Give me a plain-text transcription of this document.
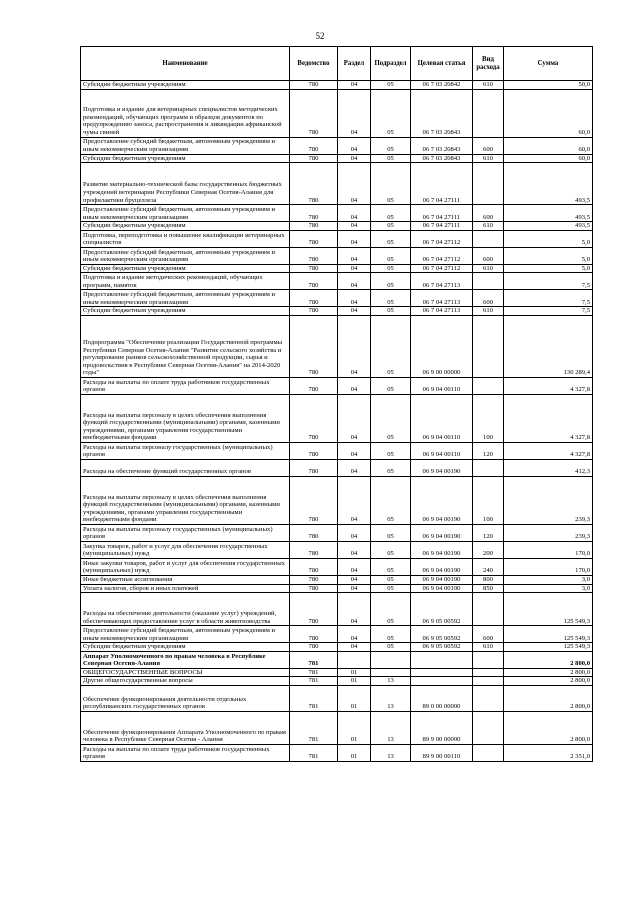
52
Наименование	Ведомство	Раздел	Подраздел	Целевая статья	Вид расхода	Сумма
Субсидии бюджетным учреждениям	780	04	05	06 7 03 20842	610	50,0
Подготовка и издание для ветеринарных специалистов методических рекомендаций, обучающих программ и образцов документов по предупреждению заноса, распространения и ликвидации африканской чумы свиней	780	04	05	06 7 03 20843		60,0
Предоставление субсидий бюджетным, автономным учреждениям и иным некоммерческим организациям	780	04	05	06 7 03 20843	600	60,0
Субсидии бюджетным учреждениям	780	04	05	06 7 03 20843	610	60,0
Развитие материально-технической базы государственных бюджетных учреждений ветеринарии Республики Северная Осетия-Алания для профилактики бруцеллеза	780	04	05	06 7 04 27111		493,5
Предоставление субсидий бюджетным, автономным учреждениям и иным некоммерческим организациям	780	04	05	06 7 04 27111	600	493,5
Субсидии бюджетным учреждениям	780	04	05	06 7 04 27111	610	493,5
Подготовка, переподготовка и повышение квалификации ветеринарных специалистов	780	04	05	06 7 04 27112		5,0
Предоставление субсидий бюджетным, автономным учреждениям и иным некоммерческим организациям	780	04	05	06 7 04 27112	600	5,0
Субсидии бюджетным учреждениям	780	04	05	06 7 04 27112	610	5,0
Подготовка и издание методических рекомендаций, обучающих программ, памяток	780	04	05	06 7 04 27113		7,5
Предоставление субсидий бюджетным, автономным учреждениям и иным некоммерческим организациям	780	04	05	06 7 04 27113	600	7,5
Субсидии бюджетным учреждениям	780	04	05	06 7 04 27113	610	7,5
Подпрограмма "Обеспечение реализации Государственной программы Республики Северная Осетия-Алания "Развитие сельского хозяйства и регулирование рынков сельскохозяйственной продукции, сырья и продовольствия в Республике Северная Осетия-Алания" на 2014-2020 годы"	780	04	05	06 9 00 00000		130 289,4
Расходы на выплаты по оплате труда работников государственных органов	780	04	05	06 9 04 00110		4 327,8
Расходы на выплаты персоналу в целях обеспечения выполнения функций государственными (муниципальными) органами, казенными учреждениями, органами управления государственными внебюджетными фондами	780	04	05	06 9 04 00110	100	4 327,8
Расходы на выплаты персоналу государственных (муниципальных) органов	780	04	05	06 9 04 00110	120	4 327,8
Расходы на обеспечение функций государственных органов	780	04	05	06 9 04 00190		412,3
Расходы на выплаты персоналу в целях обеспечения выполнения функций государственными (муниципальными) органами, казенными учреждениями, органами управления государственными внебюджетными фондами	780	04	05	06 9 04 00190	100	239,3
Расходы на выплаты персоналу государственных (муниципальных) органов	780	04	05	06 9 04 00190	120	239,3
Закупка товаров, работ и услуг для обеспечения государственных (муниципальных) нужд	780	04	05	06 9 04 00190	200	170,0
Иные закупки товаров, работ и услуг для обеспечения государственных (муниципальных) нужд	780	04	05	06 9 04 00190	240	170,0
Иные бюджетные ассигнования	780	04	05	06 9 04 00190	800	3,0
Уплата налогов, сборов и иных платежей	780	04	05	06 9 04 00190	850	3,0
Расходы на обеспечение деятельности (оказание услуг) учреждений, обеспечивающих предоставление услуг в области животноводства	780	04	05	06 9 05 00592		125 549,3
Предоставление субсидий бюджетным, автономным учреждениям и иным некоммерческим организациям	780	04	05	06 9 05 00592	600	125 549,3
Субсидии бюджетным учреждениям	780	04	05	06 9 05 00592	610	125 549,3
Аппарат Уполномоченного по правам человека в Республике Северная Осетия-Алания	781					2 800,0
ОБЩЕГОСУДАРСТВЕННЫЕ ВОПРОСЫ	781	01				2 800,0
Другие общегосударственные вопросы	781	01	13			2 800,0
Обеспечение функционирования деятельности отдельных республиканских государственных органов	781	01	13	89 0 00 00000		2 800,0
Обеспечение функционирования Аппарата Уполномоченного по правам человека в Республике Северная Осетия - Алания	781	01	13	89 9 00 00000		2 800,0
Расходы на выплаты по оплате труда работников государственных органов	781	01	13	89 9 00 00110		2 351,0
